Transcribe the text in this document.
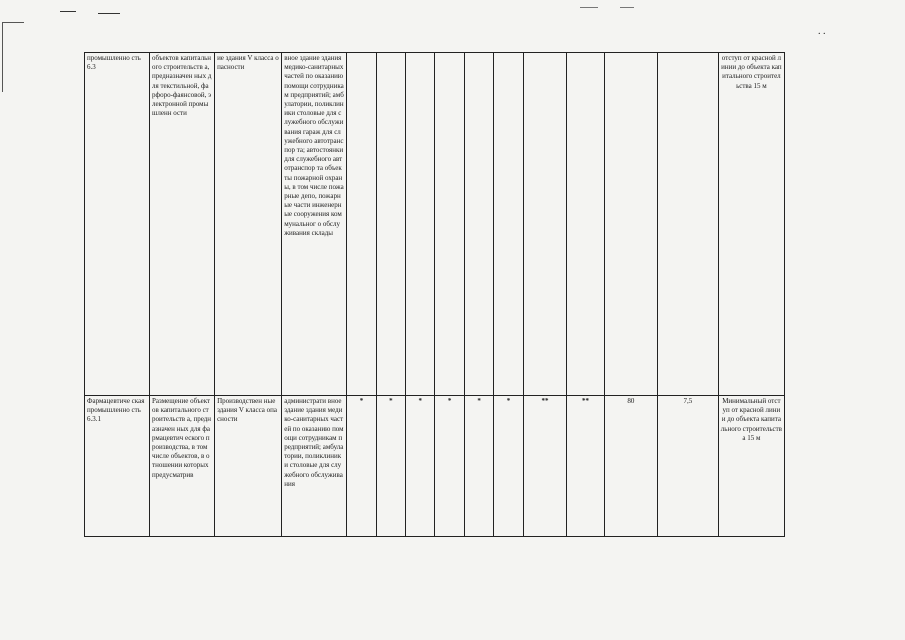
. .
промышленно сть 6.3	объектов капитального строительств а, предназначен ных для текстильной, фарфоро-фаянсовой, электронной промышленн ости	ие здания V класса опасности	вное здание здания медико-санитарных частей по оказанию помощи сотрудникам предприятий; амбулатории, поликлиники столовые для служебного обслуживания гараж для служебного автотранспор та; автостоянки для служебного автотранспор та объекты пожарной охраны, в том числе пожарные депо, пожарные части инженерные сооружения коммунальног о обслуживания склады											отступ от красной линии до объекта капитального строительства 15 м
Фармацевтиче ская промышленно сть 6.3.1	Размещение объектов капитального строительств а, предназначен ных для фармацевтич еского производства, в том числе объектов, в отношении которых предусматрив	Производствен ные здания V класса опасности	администрати вное здание здания медико-санитарных частей по оказанию помощи сотрудникам предприятий; амбулатории, поликлиники столовые для служебного обслуживания	*	*	*	*	*	*	**	**	80	7,5	Минимальный отступ от красной линии до объекта капитального строительства 15 м
